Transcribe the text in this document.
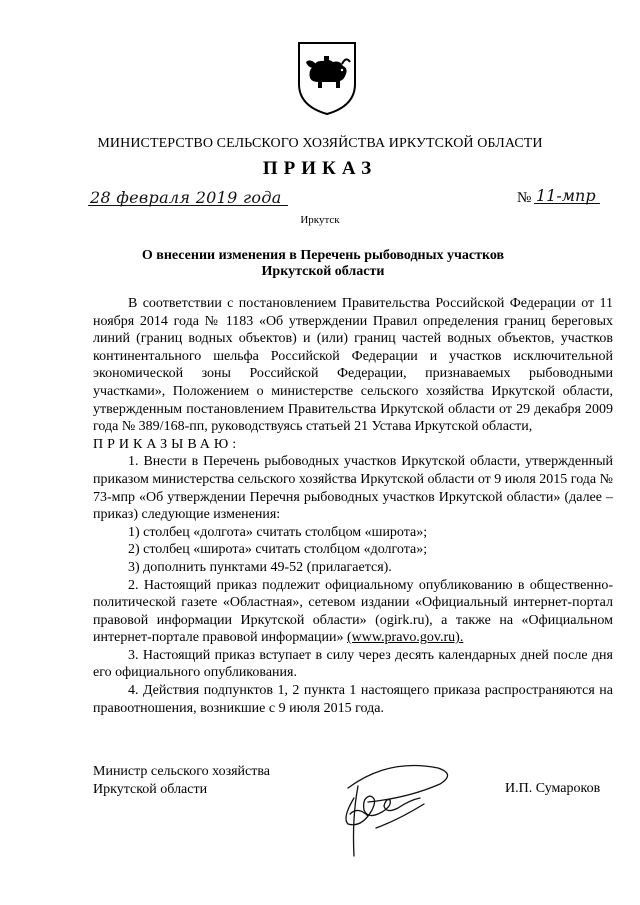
МИНИСТЕРСТВО СЕЛЬСКОГО ХОЗЯЙСТВА ИРКУТСКОЙ ОБЛАСТИ
ПРИКАЗ
28 февраля 2019 года	№ 11-мпр
Иркутск
О внесении изменения в Перечень рыбоводных участков
Иркутской области

В соответствии с постановлением Правительства Российской Федерации от 11 ноября 2014 года № 1183 «Об утверждении Правил определения границ береговых линий (границ водных объектов) и (или) границ частей водных объектов, участков континентального шельфа Российской Федерации и участков исключительной экономической зоны Российской Федерации, признаваемых рыбоводными участками», Положением о министерстве сельского хозяйства Иркутской области, утвержденным постановлением Правительства Иркутской области от 29 декабря 2009 года № 389/168-пп, руководствуясь статьей 21 Устава Иркутской области,

ПРИКАЗЫВАЮ:

1. Внести в Перечень рыбоводных участков Иркутской области, утвержденный приказом министерства сельского хозяйства Иркутской области от 9 июля 2015 года № 73-мпр «Об утверждении Перечня рыбоводных участков Иркутской области» (далее – приказ) следующие изменения:

1) столбец «долгота» считать столбцом «широта»;

2) столбец «широта» считать столбцом «долгота»;

3) дополнить пунктами 49-52 (прилагается).

2. Настоящий приказ подлежит официальному опубликованию в общественно-политической газете «Областная», сетевом издании «Официальный интернет-портал правовой информации Иркутской области» (ogirk.ru), а также на «Официальном интернет-портале правовой информации» (www.pravo.gov.ru).

3. Настоящий приказ вступает в силу через десять календарных дней после дня его официального опубликования.

4. Действия подпунктов 1, 2 пункта 1 настоящего приказа распространяются на правоотношения, возникшие с 9 июля 2015 года.

Министр сельского хозяйства
Иркутской области	И.П. Сумароков
